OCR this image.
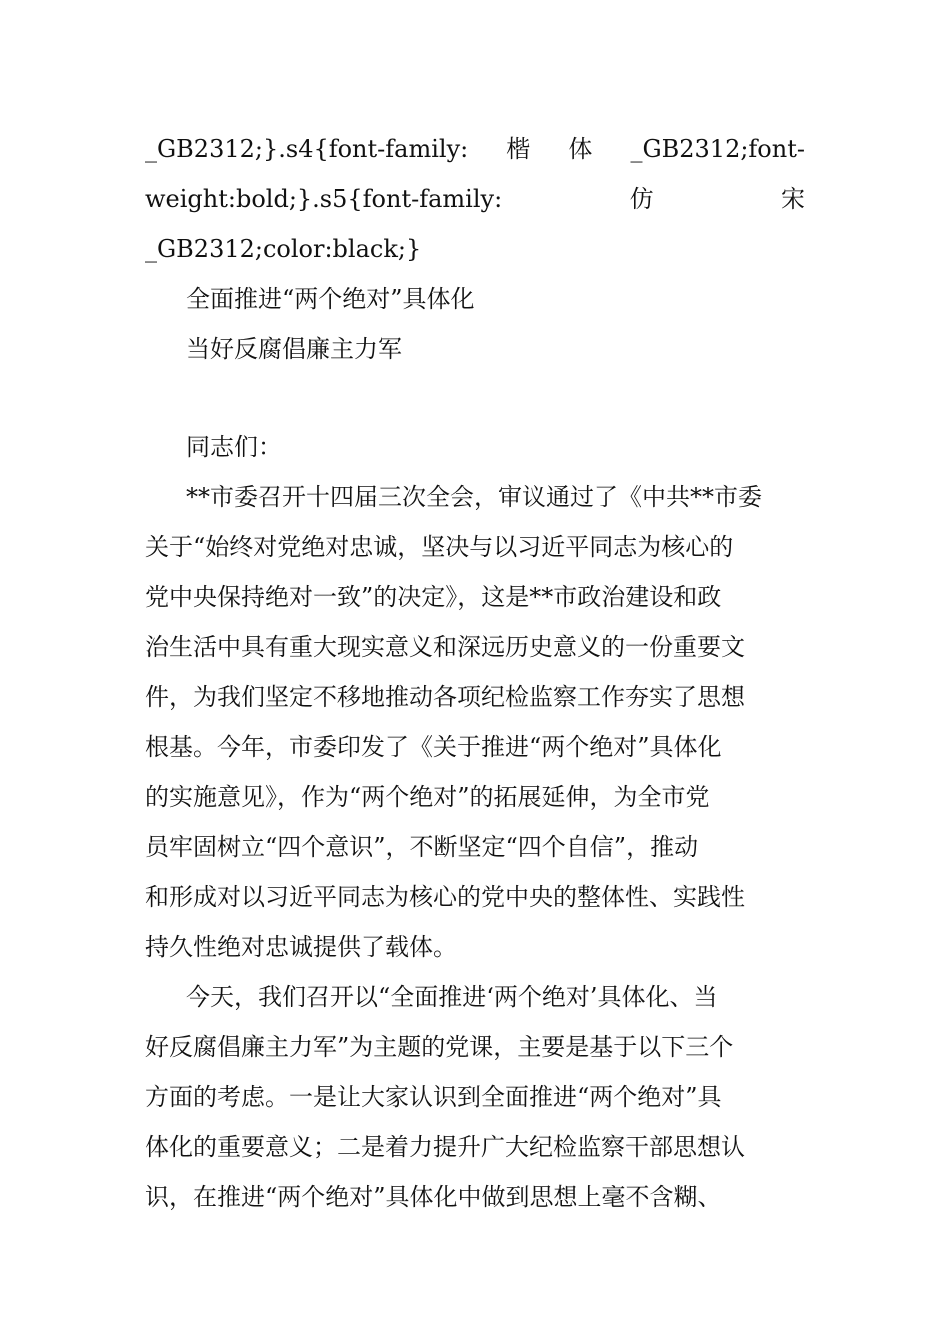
_GB2312;}.s4{font-family: 楷 体 _GB2312;font-
weight:bold;}.s5{font-family:	仿	宋
_GB2312;color:black;}
全面推进“两个绝对”具体化
当好反腐倡廉主力军
同志们：
**市委召开十四届三次全会，审议通过了《中共**市委
关于“始终对党绝对忠诚，坚决与以习近平同志为核心的
党中央保持绝对一致”的决定》，这是**市政治建设和政
治生活中具有重大现实意义和深远历史意义的一份重要文
件，为我们坚定不移地推动各项纪检监察工作夯实了思想
根基。今年，市委印发了《关于推进“两个绝对”具体化
的实施意见》，作为“两个绝对”的拓展延伸，为全市党
员牢固树立“四个意识”，不断坚定“四个自信”，推动
和形成对以习近平同志为核心的党中央的整体性、实践性
持久性绝对忠诚提供了载体。
今天，我们召开以“全面推进‘两个绝对’具体化、当
好反腐倡廉主力军”为主题的党课，主要是基于以下三个
方面的考虑。一是让大家认识到全面推进“两个绝对”具
体化的重要意义；二是着力提升广大纪检监察干部思想认
识，在推进“两个绝对”具体化中做到思想上毫不含糊、
